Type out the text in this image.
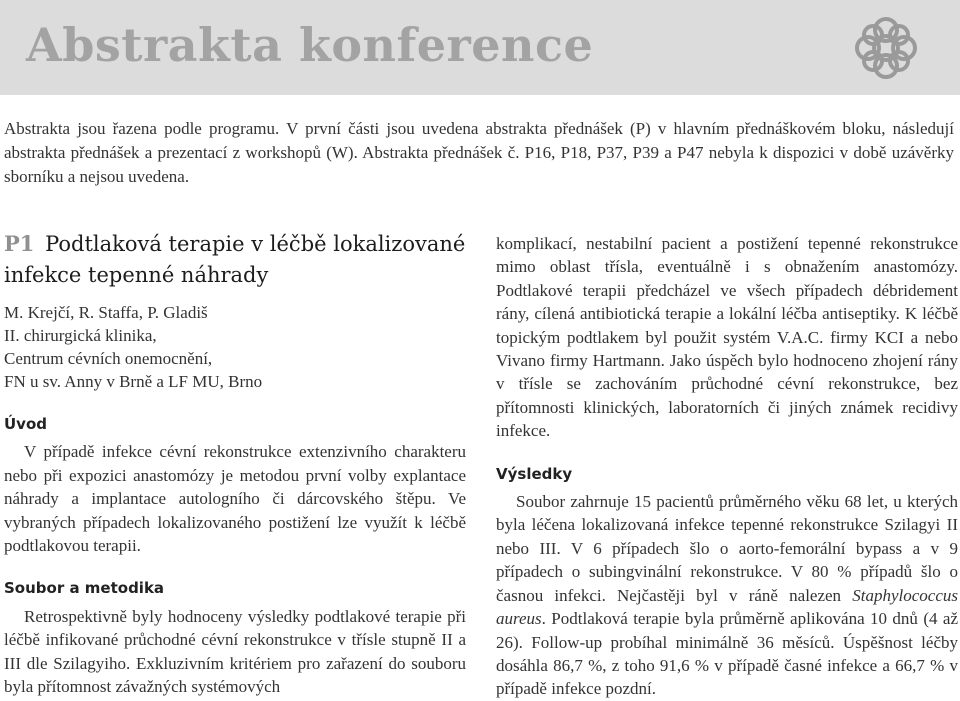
Abstrakta konference
Abstrakta jsou řazena podle programu. V první části jsou uvedena abstrakta přednášek (P) v hlavním přednáškovém bloku, následují abstrakta přednášek a prezentací z workshopů (W). Abstrakta přednášek č. P16, P18, P37, P39 a P47 nebyla k dispozici v době uzávěrky sborníku a nejsou uvedena.
P1 Podtlaková terapie v léčbě lokalizované infekce tepenné náhrady
M. Krejčí, R. Staffa, P. Gladiš
II. chirurgická klinika,
Centrum cévních onemocnění,
FN u sv. Anny v Brně a LF MU, Brno
Úvod

V případě infekce cévní rekonstrukce extenzivního charakteru nebo při expozici anastomózy je metodou první volby explantace náhrady a implantace autologního či dárcovského štěpu. Ve vybraných případech lokalizovaného postižení lze využít k léčbě podtlakovou terapii.

Soubor a metodika

Retrospektivně byly hodnoceny výsledky podtlakové terapie při léčbě infikované průchodné cévní rekonstrukce v třísle stupně II a III dle Szilagyiho. Exkluzivním kritériem pro zařazení do souboru byla přítomnost závažných systémových

komplikací, nestabilní pacient a postižení tepenné rekonstrukce mimo oblast třísla, eventuálně i s obnažením anastomózy. Podtlakové terapii předcházel ve všech případech débridement rány, cílená antibiotická terapie a lokální léčba antiseptiky. K léčbě topickým podtlakem byl použit systém V.A.C. firmy KCI a nebo Vivano firmy Hartmann. Jako úspěch bylo hodnoceno zhojení rány v třísle se zachováním průchodné cévní rekonstrukce, bez přítomnosti klinických, laboratorních či jiných známek recidivy infekce.

Výsledky

Soubor zahrnuje 15 pacientů průměrného věku 68 let, u kterých byla léčena lokalizovaná infekce tepenné rekonstrukce Szilagyi II nebo III. V 6 případech šlo o aorto-femorální bypass a v 9 případech o subingvinální rekonstrukce. V 80 % případů šlo o časnou infekci. Nejčastěji byl v ráně nalezen Staphylococcus aureus. Podtlaková terapie byla průměrně aplikována 10 dnů (4 až 26). Follow-up probíhal minimálně 36 měsíců. Úspěšnost léčby dosáhla 86,7 %, z toho 91,6 % v případě časné infekce a 66,7 % v případě infekce pozdní.
